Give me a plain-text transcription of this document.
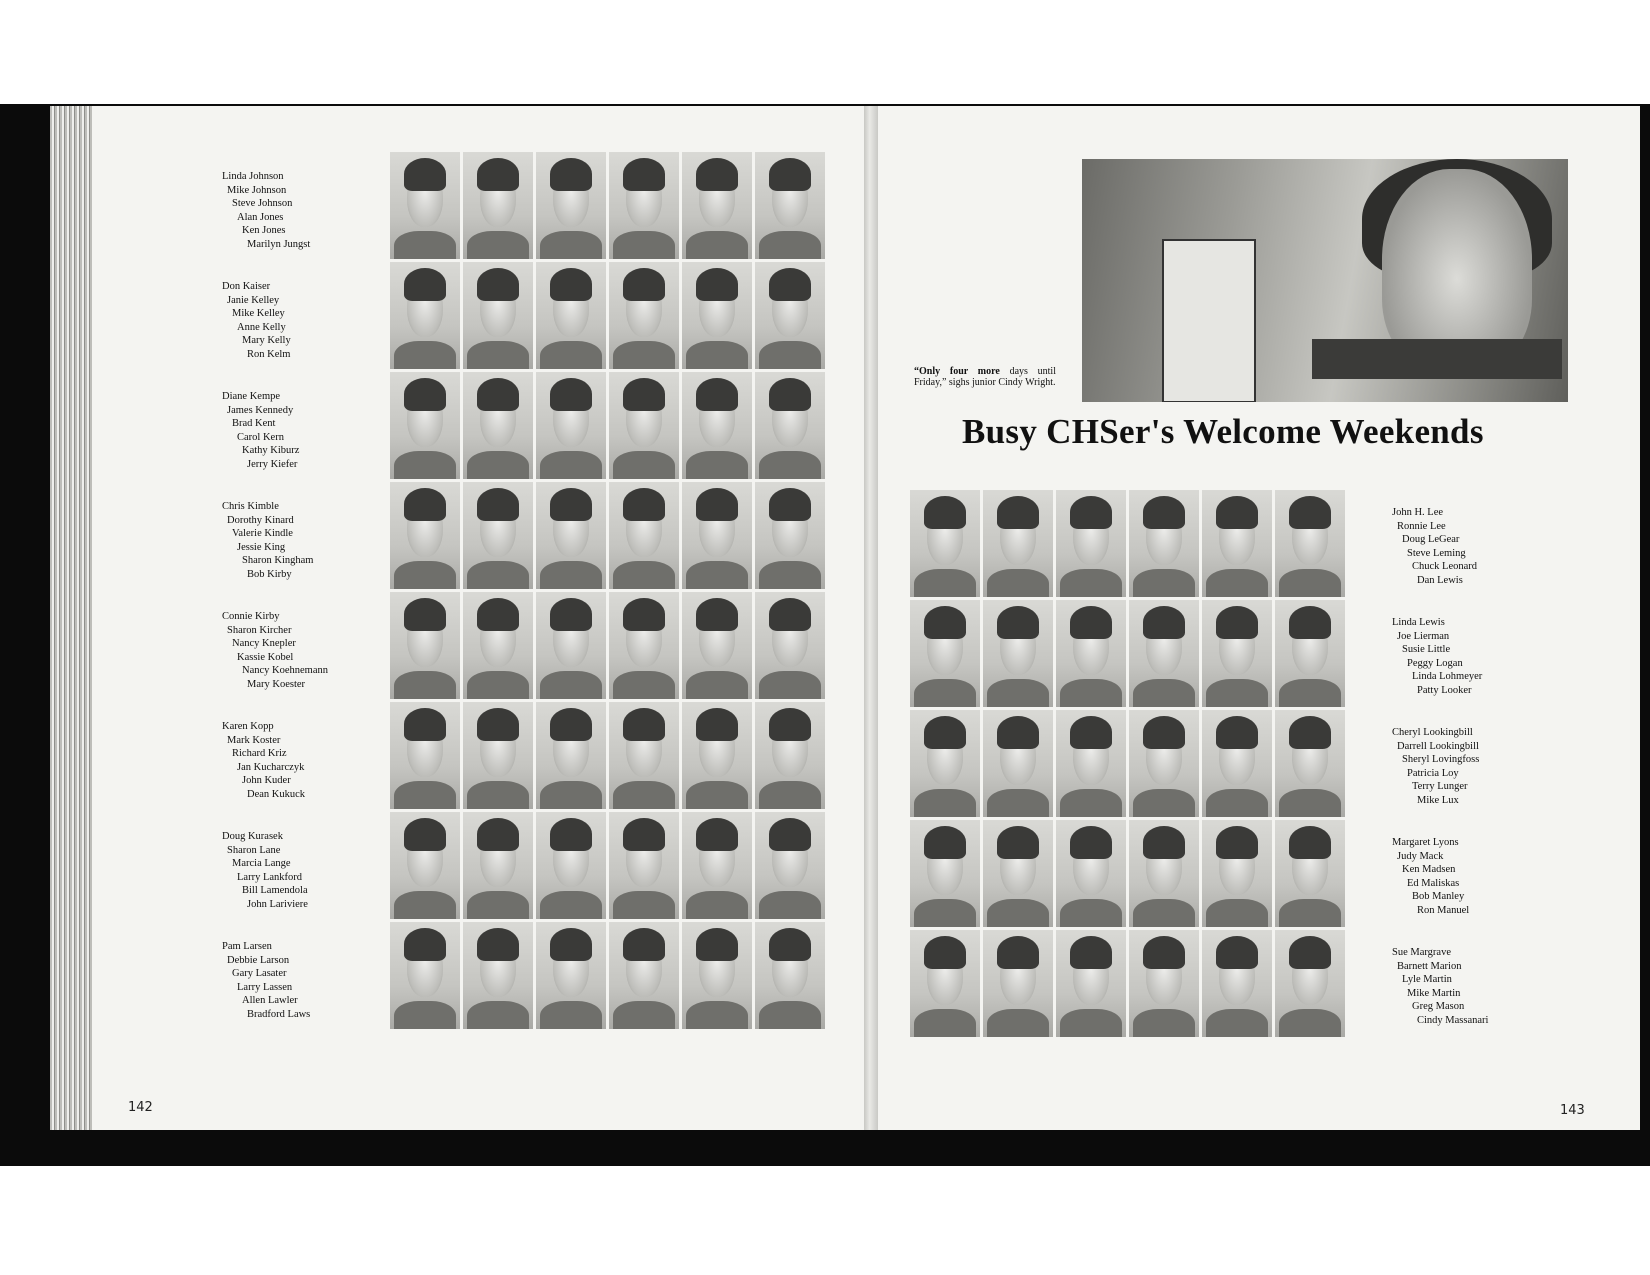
Linda Johnson
Mike Johnson
Steve Johnson
Alan Jones
Ken Jones
Marilyn Jungst
Don Kaiser
Janie Kelley
Mike Kelley
Anne Kelly
Mary Kelly
Ron Kelm
Diane Kempe
James Kennedy
Brad Kent
Carol Kern
Kathy Kiburz
Jerry Kiefer
Chris Kimble
Dorothy Kinard
Valerie Kindle
Jessie King
Sharon Kingham
Bob Kirby
Connie Kirby
Sharon Kircher
Nancy Knepler
Kassie Kobel
Nancy Koehnemann
Mary Koester
Karen Kopp
Mark Koster
Richard Kriz
Jan Kucharczyk
John Kuder
Dean Kukuck
Doug Kurasek
Sharon Lane
Marcia Lange
Larry Lankford
Bill Lamendola
John Lariviere
Pam Larsen
Debbie Larson
Gary Lasater
Larry Lassen
Allen Lawler
Bradford Laws
“Only four more days until Friday,” sighs junior Cindy Wright.
Busy CHSer's Welcome Weekends
John H. Lee
Ronnie Lee
Doug LeGear
Steve Leming
Chuck Leonard
Dan Lewis
Linda Lewis
Joe Lierman
Susie Little
Peggy Logan
Linda Lohmeyer
Patty Looker
Cheryl Lookingbill
Darrell Lookingbill
Sheryl Lovingfoss
Patricia Loy
Terry Lunger
Mike Lux
Margaret Lyons
Judy Mack
Ken Madsen
Ed Maliskas
Bob Manley
Ron Manuel
Sue Margrave
Barnett Marion
Lyle Martin
Mike Martin
Greg Mason
Cindy Massanari
142	143
